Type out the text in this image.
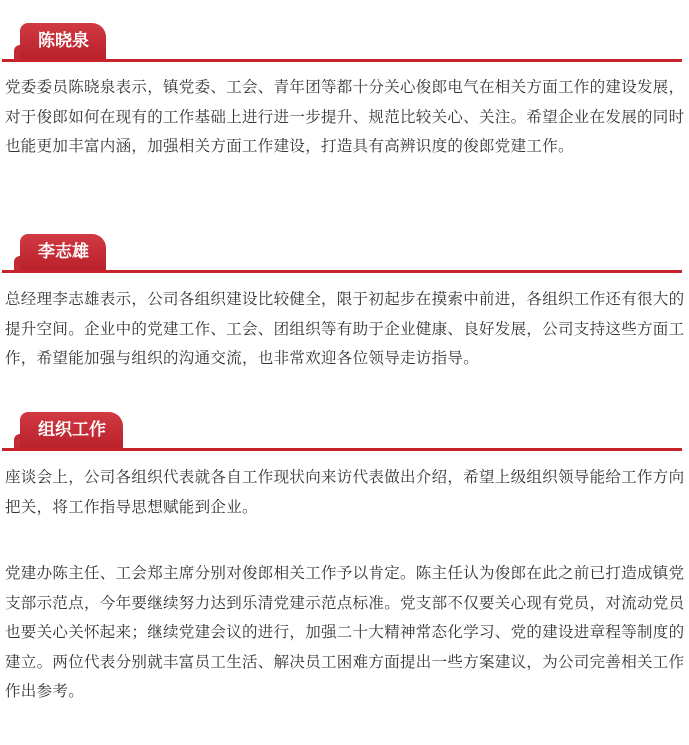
陈晓泉

党委委员陈晓泉表示，镇党委、工会、青年团等都十分关心俊郎电气在相关方面工作的建设发展，对于俊郎如何在现有的工作基础上进行进一步提升、规范比较关心、关注。希望企业在发展的同时也能更加丰富内涵，加强相关方面工作建设，打造具有高辨识度的俊郎党建工作。

李志雄

总经理李志雄表示，公司各组织建设比较健全，限于初起步在摸索中前进，各组织工作还有很大的提升空间。企业中的党建工作、工会、团组织等有助于企业健康、良好发展，公司支持这些方面工作，希望能加强与组织的沟通交流，也非常欢迎各位领导走访指导。

组织工作

座谈会上，公司各组织代表就各自工作现状向来访代表做出介绍，希望上级组织领导能给工作方向把关，将工作指导思想赋能到企业。

党建办陈主任、工会郑主席分别对俊郎相关工作予以肯定。陈主任认为俊郎在此之前已打造成镇党支部示范点，今年要继续努力达到乐清党建示范点标准。党支部不仅要关心现有党员，对流动党员也要关心关怀起来；继续党建会议的进行，加强二十大精神常态化学习、党的建设进章程等制度的建立。两位代表分别就丰富员工生活、解决员工困难方面提出一些方案建议，为公司完善相关工作作出参考。
